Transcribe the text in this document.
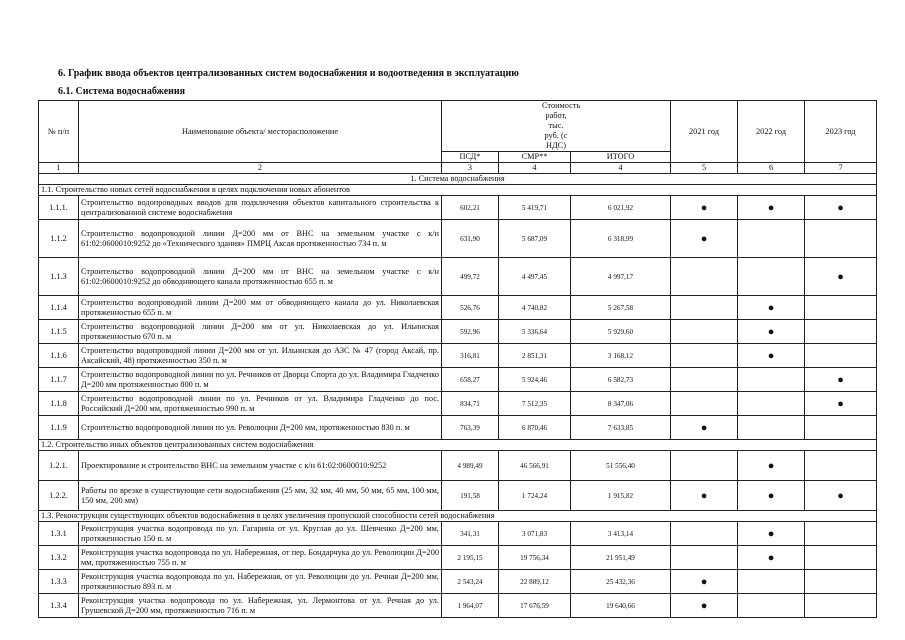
6. График ввода объектов централизованных систем водоснабжения и водоотведения в эксплуатацию
6.1. Система водоснабжения
№ п/п	Наименование объекта/ месторасположение	Стоимость работ, тыс. руб. (с НДС)			2021 год	2022 год	2023 год
		ПСД*	СМР**	ИТОГО			
1	2	3	4	4	5	6	7
1. Система водоснабжения							
1.1. Строительство новых сетей водоснабжения в целях подключения новых абонентов							
1.1.1.	Строительство водопроводных вводов для подключения объектов капитального строительства к централизованной системе водоснабжения	602,21	5 419,71	6 021,92	●	●	●
1.1.2	Строительство водопроводной линии Д=200 мм от ВНС на земельном участке с к/н 61:02:0600010:9252 до «Технического здания» ПМРЦ Аксая протяженностью 734 п. м	631,90	5 687,09	6 318,99	●		
1.1.3	Строительство водопроводной линии Д=200 мм от ВНС на земельном участке с к/н 61:02:0600010:9252 до обводняющего канала протяженностью 655 п. м	499,72	4 497,45	4 997,17			●
1.1.4	Строительство водопроводной линии Д=200 мм от обводняющего канала до ул. Николаевская протяженностью 655 п. м	526,76	4 740,82	5 267,58		●	
1.1.5	Строительство водопроводной линии Д=200 мм от ул. Николаевская до ул. Ильинская протяженностью 670 п. м	592,96	5 336,64	5 929,60		●	
1.1.6	Строительство водопроводной линии Д=200 мм от ул. Ильинская до АЗС № 47 (город Аксай, пр. Аксайский, 48) протяженностью 350 п. м	316,81	2 851,31	3 168,12		●	
1.1.7	Строительство водопроводной линии по ул. Речников от Дворца Спорта до ул. Владимира Гладченко Д=200 мм протяженностью 800 п. м	658,27	5 924,46	6 582,73			●
1.1.8	Строительство водопроводной линии по ул. Речников от ул. Владимира Гладченко до пос. Российский Д=200 мм, протяженностью 990 п. м	834,71	7 512,35	8 347,06			●
1.1.9	Строительство водопроводной линии по ул. Революции Д=200 мм, протяженностью 830 п. м	763,39	6 870,46	7 633,85	●		
1.2. Строительство иных объектов централизованных систем водоснабжения							
1.2.1.	Проектирование и строительство ВНС на земельном участке с к/н 61:02:0600010:9252	4 989,49	46 566,91	51 556,40		●	
1.2.2.	Работы по врезке в существующие сети водоснабжения (25 мм, 32 мм, 40 мм, 50 мм, 65 мм, 100 мм, 150 мм, 200 мм)	191,58	1 724,24	1 915,82	●	●	●
1.3. Реконструкция существующих объектов водоснабжения в целях увеличения пропускной способности сетей водоснабжения							
1.3.1	Реконструкция участка водопровода по ул. Гагарина от ул. Круглая до ул. Шевченко Д=200 мм, протяженностью 150 п. м	341,31	3 071,83	3 413,14		●	
1.3.2	Реконструкция участка водопровода по ул. Набережная, от пер. Бондарчука до ул. Революции Д=200 мм, протяженностью 755 п. м	2 195,15	19 756,34	21 951,49		●	
1.3.3	Реконструкция участка водопровода по ул. Набережная, от ул. Революции до ул. Речная Д=200 мм, протяженностью 893 п. м	2 543,24	22 889,12	25 432,36	●		
1.3.4	Реконструкция участка водопровода по ул. Набережная, ул. Лермонтова от ул. Речная до ул. Грушевской Д=200 мм, протяженностью 716 п. м	1 964,07	17 676,59	19 640,66	●		
